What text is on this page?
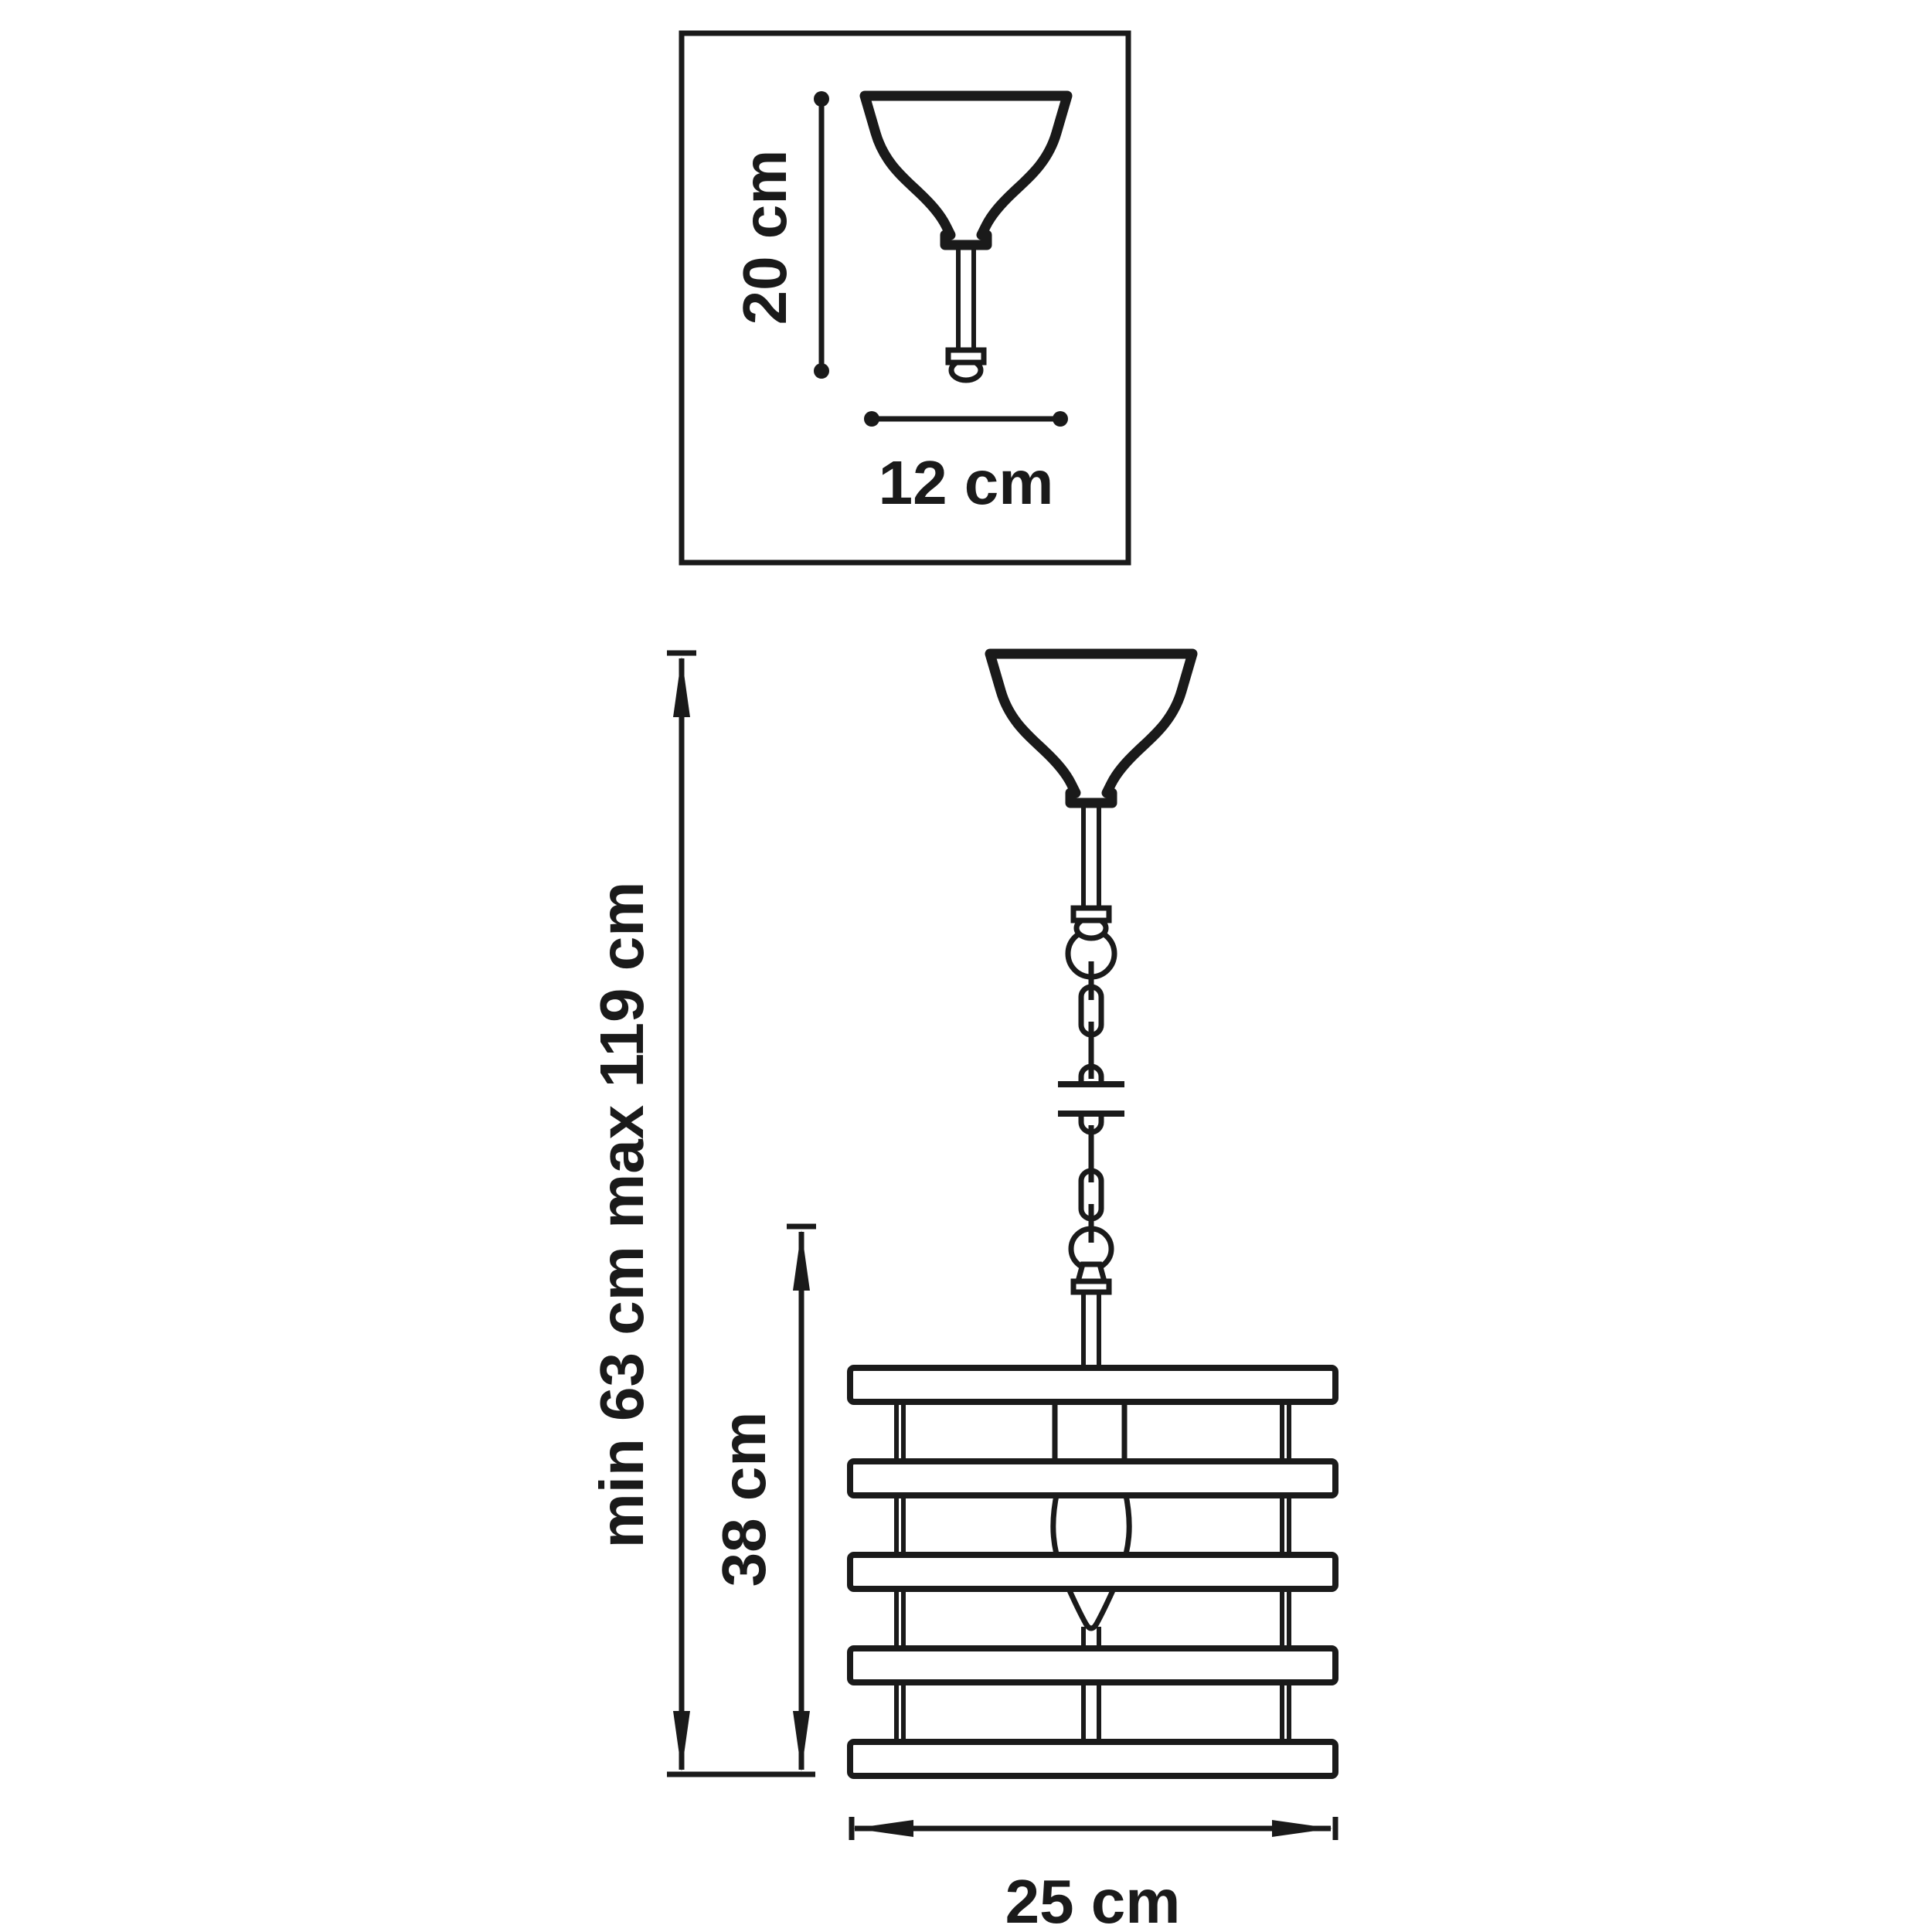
20 cm
12 cm
min 63 cm max 119 cm 38 cm
25 cm
